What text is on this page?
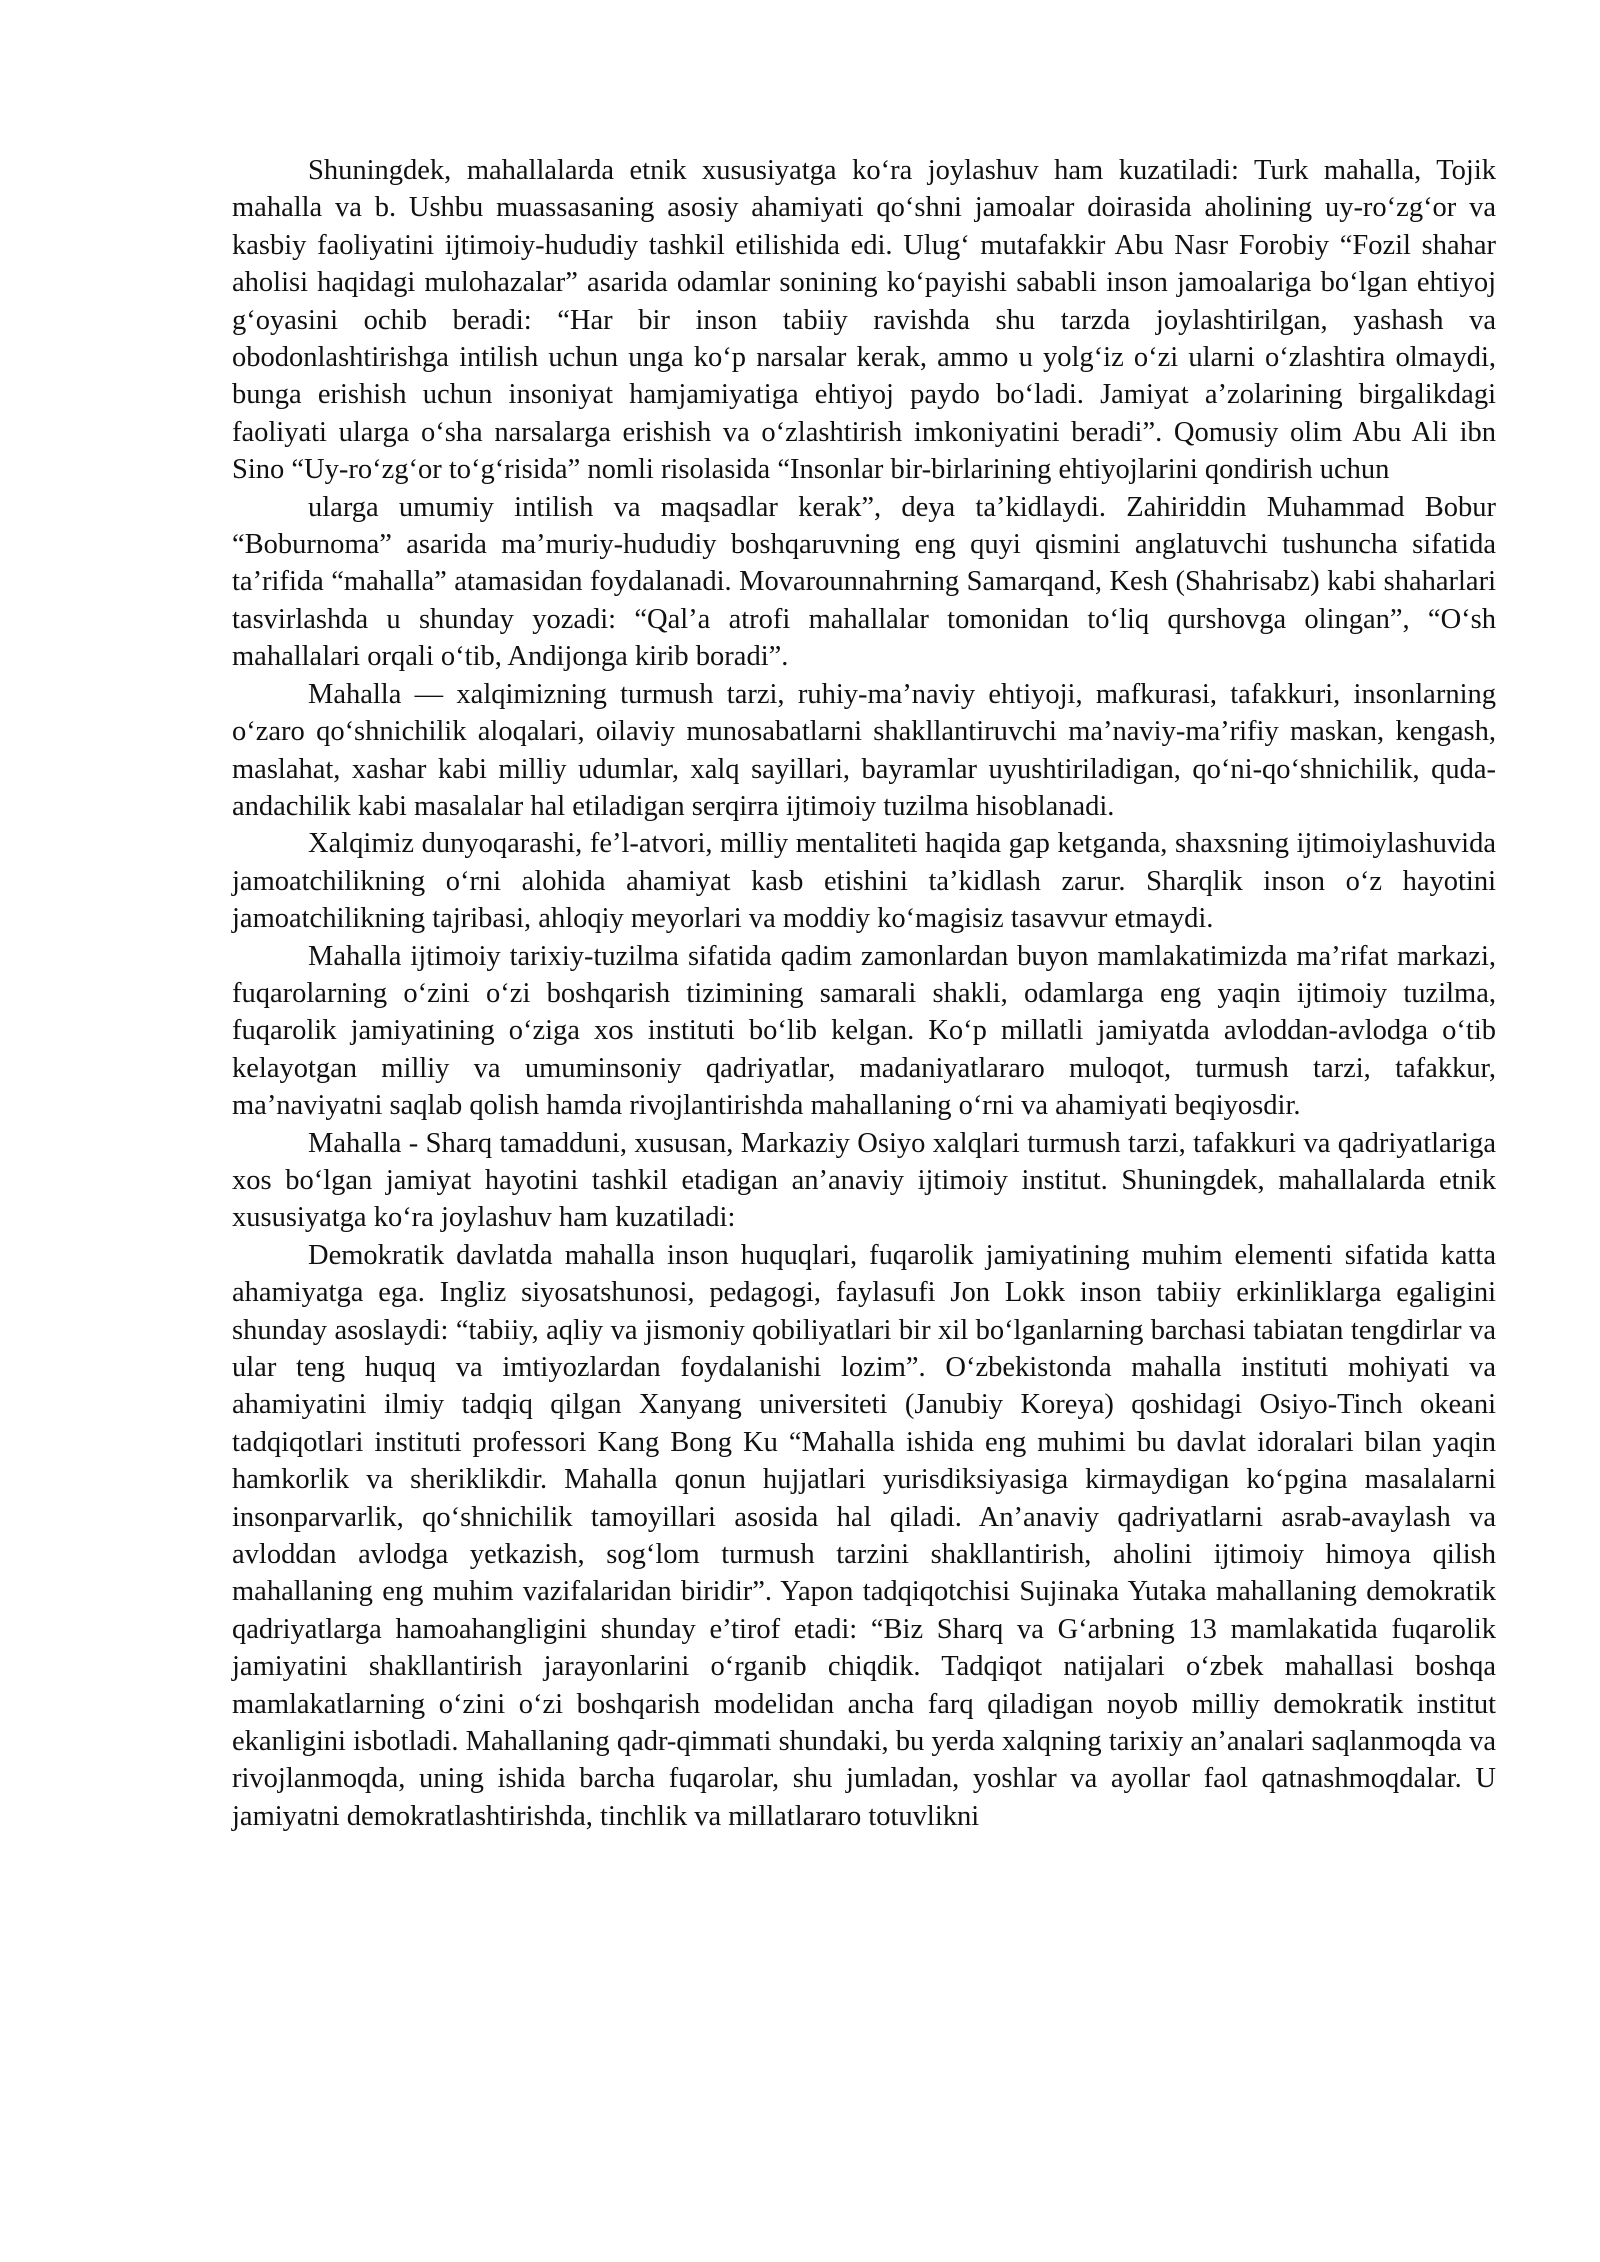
Shuningdek, mahallalarda etnik xususiyatga ko‘ra joylashuv ham kuzatiladi: Turk mahalla, Tojik mahalla va b. Ushbu muassasaning asosiy ahamiyati qo‘shni jamoalar doirasida aholining uy-ro‘zg‘or va kasbiy faoliyatini ijtimoiy-hududiy tashkil etilishida edi. Ulug‘ mutafakkir Abu Nasr Forobiy “Fozil shahar aholisi haqidagi mulohazalar” asarida odamlar sonining ko‘payishi sababli inson jamoalariga bo‘lgan ehtiyoj g‘oyasini ochib beradi: “Har bir inson tabiiy ravishda shu tarzda joylashtirilgan, yashash va obodonlashtirishga intilish uchun unga ko‘p narsalar kerak, ammo u yolg‘iz o‘zi ularni o‘zlashtira olmaydi, bunga erishish uchun insoniyat hamjamiyatiga ehtiyoj paydo bo‘ladi. Jamiyat a’zolarining birgalikdagi faoliyati ularga o‘sha narsalarga erishish va o‘zlashtirish imkoniyatini beradi”. Qomusiy olim Abu Ali ibn Sino “Uy-ro‘zg‘or to‘g‘risida” nomli risolasida “Insonlar bir-birlarining ehtiyojlarini qondirish uchun

ularga umumiy intilish va maqsadlar kerak”, deya ta’kidlaydi. Zahiriddin Muhammad Bobur “Boburnoma” asarida ma’muriy-hududiy boshqaruvning eng quyi qismini anglatuvchi tushuncha sifatida ta’rifida “mahalla” atamasidan foydalanadi. Movarounnahrning Samarqand, Kesh (Shahrisabz) kabi shaharlari tasvirlashda u shunday yozadi: “Qal’a atrofi mahallalar tomonidan to‘liq qurshovga olingan”, “O‘sh mahallalari orqali o‘tib, Andijonga kirib boradi”.

Mahalla — xalqimizning turmush tarzi, ruhiy-ma’naviy ehtiyoji, mafkurasi, tafakkuri, insonlarning o‘zaro qo‘shnichilik aloqalari, oilaviy munosabatlarni shakllantiruvchi ma’naviy-ma’rifiy maskan, kengash, maslahat, xashar kabi milliy udumlar, xalq sayillari, bayramlar uyushtiriladigan, qo‘ni-qo‘shnichilik, quda-andachilik kabi masalalar hal etiladigan serqirra ijtimoiy tuzilma hisoblanadi.

Xalqimiz dunyoqarashi, fe’l-atvori, milliy mentaliteti haqida gap ketganda, shaxsning ijtimoiylashuvida jamoatchilikning o‘rni alohida ahamiyat kasb etishini ta’kidlash zarur. Sharqlik inson o‘z hayotini jamoatchilikning tajribasi, ahloqiy meyorlari va moddiy ko‘magisiz tasavvur etmaydi.

Mahalla ijtimoiy tarixiy-tuzilma sifatida qadim zamonlardan buyon mamlakatimizda ma’rifat markazi, fuqarolarning o‘zini o‘zi boshqarish tizimining samarali shakli, odamlarga eng yaqin ijtimoiy tuzilma, fuqarolik jamiyatining o‘ziga xos instituti bo‘lib kelgan. Ko‘p millatli jamiyatda avloddan-avlodga o‘tib kelayotgan milliy va umuminsoniy qadriyatlar, madaniyatlararo muloqot, turmush tarzi, tafakkur, ma’naviyatni saqlab qolish hamda rivojlantirishda mahallaning o‘rni va ahamiyati beqiyosdir.

Mahalla - Sharq tamadduni, xususan, Markaziy Osiyo xalqlari turmush tarzi, tafakkuri va qadriyatlariga xos bo‘lgan jamiyat hayotini tashkil etadigan an’anaviy ijtimoiy institut. Shuningdek, mahallalarda etnik xususiyatga ko‘ra joylashuv ham kuzatiladi:

Demokratik davlatda mahalla inson huquqlari, fuqarolik jamiyatining muhim elementi sifatida katta ahamiyatga ega. Ingliz siyosatshunosi, pedagogi, faylasufi Jon Lokk inson tabiiy erkinliklarga egaligini shunday asoslaydi: “tabiiy, aqliy va jismoniy qobiliyatlari bir xil bo‘lganlarning barchasi tabiatan tengdirlar va ular teng huquq va imtiyozlardan foydalanishi lozim”. O‘zbekistonda mahalla instituti mohiyati va ahamiyatini ilmiy tadqiq qilgan Xanyang universiteti (Janubiy Koreya) qoshidagi Osiyo-Tinch okeani tadqiqotlari instituti professori Kang Bong Ku “Mahalla ishida eng muhimi bu davlat idoralari bilan yaqin hamkorlik va sheriklikdir. Mahalla qonun hujjatlari yurisdiksiyasiga kirmaydigan ko‘pgina masalalarni insonparvarlik, qo‘shnichilik tamoyillari asosida hal qiladi. An’anaviy qadriyatlarni asrab-avaylash va avloddan avlodga yetkazish, sog‘lom turmush tarzini shakllantirish, aholini ijtimoiy himoya qilish mahallaning eng muhim vazifalaridan biridir”. Yapon tadqiqotchisi Sujinaka Yutaka mahallaning demokratik qadriyatlarga hamoahangligini shunday e’tirof etadi: “Biz Sharq va G‘arbning 13 mamlakatida fuqarolik jamiyatini shakllantirish jarayonlarini o‘rganib chiqdik. Tadqiqot natijalari o‘zbek mahallasi boshqa mamlakatlarning o‘zini o‘zi boshqarish modelidan ancha farq qiladigan noyob milliy demokratik institut ekanligini isbotladi. Mahallaning qadr-qimmati shundaki, bu yerda xalqning tarixiy an’analari saqlanmoqda va rivojlanmoqda, uning ishida barcha fuqarolar, shu jumladan, yoshlar va ayollar faol qatnashmoqdalar. U jamiyatni demokratlashtirishda, tinchlik va millatlararo totuvlikni
